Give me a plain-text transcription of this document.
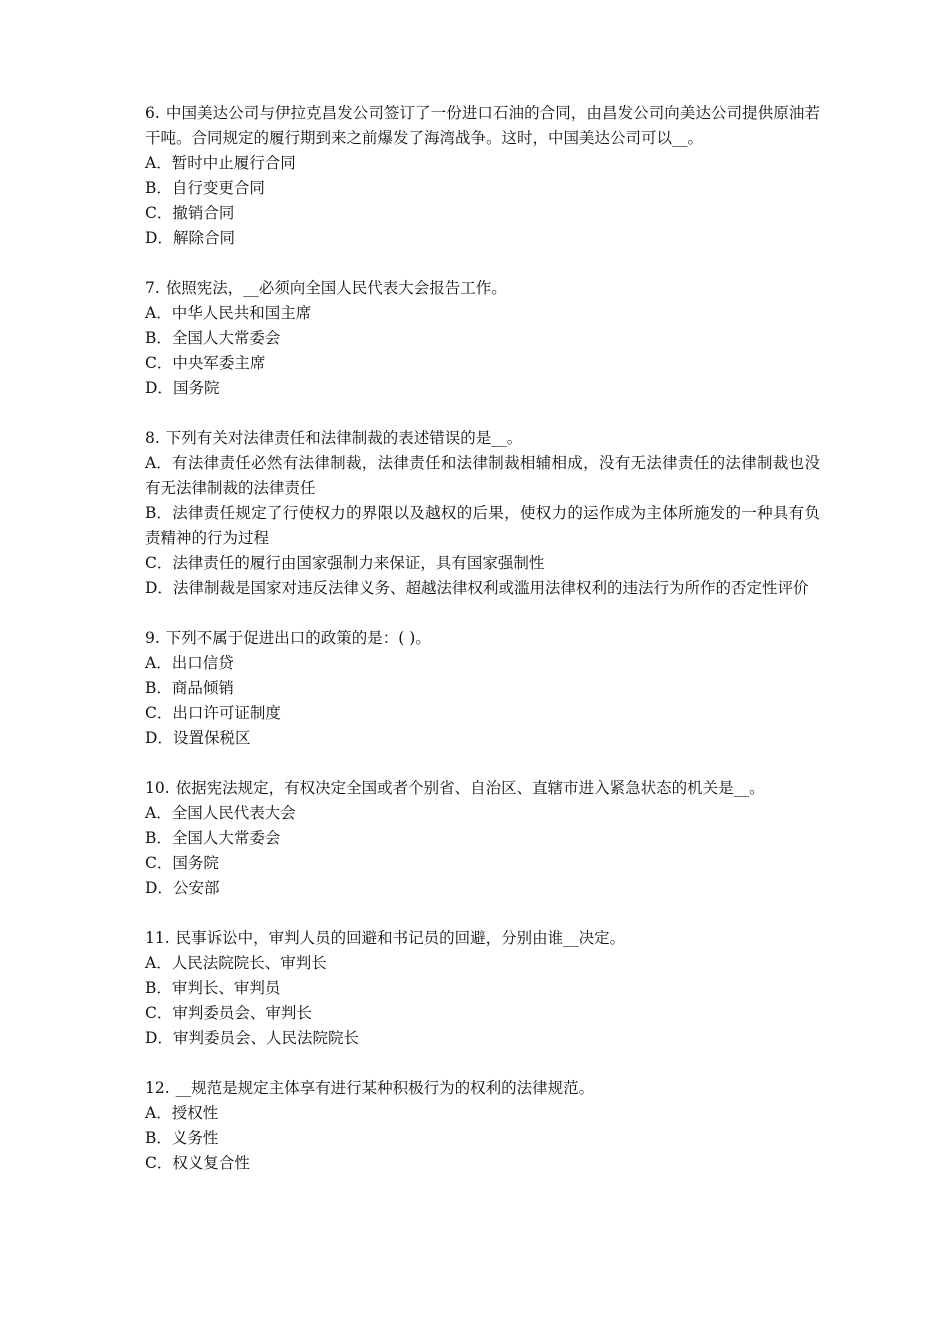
6. 中国美达公司与伊拉克昌发公司签订了一份进口石油的合同，由昌发公司向美达公司提供原油若干吨。合同规定的履行期到来之前爆发了海湾战争。这时，中国美达公司可以__。

A．暂时中止履行合同

B．自行变更合同

C．撤销合同

D．解除合同

7. 依照宪法，__必须向全国人民代表大会报告工作。

A．中华人民共和国主席

B．全国人大常委会

C．中央军委主席

D．国务院

8. 下列有关对法律责任和法律制裁的表述错误的是__。

A．有法律责任必然有法律制裁，法律责任和法律制裁相辅相成，没有无法律责任的法律制裁也没有无法律制裁的法律责任

B．法律责任规定了行使权力的界限以及越权的后果，使权力的运作成为主体所施发的一种具有负责精神的行为过程

C．法律责任的履行由国家强制力来保证，具有国家强制性

D．法律制裁是国家对违反法律义务、超越法律权利或滥用法律权利的违法行为所作的否定性评价

9. 下列不属于促进出口的政策的是：( )。

A．出口信贷

B．商品倾销

C．出口许可证制度

D．设置保税区

10. 依据宪法规定，有权决定全国或者个别省、自治区、直辖市进入紧急状态的机关是__。

A．全国人民代表大会

B．全国人大常委会

C．国务院

D．公安部

11. 民事诉讼中，审判人员的回避和书记员的回避，分别由谁__决定。

A．人民法院院长、审判长

B．审判长、审判员

C．审判委员会、审判长

D．审判委员会、人民法院院长

12. __规范是规定主体享有进行某种积极行为的权利的法律规范。

A．授权性

B．义务性

C．权义复合性
